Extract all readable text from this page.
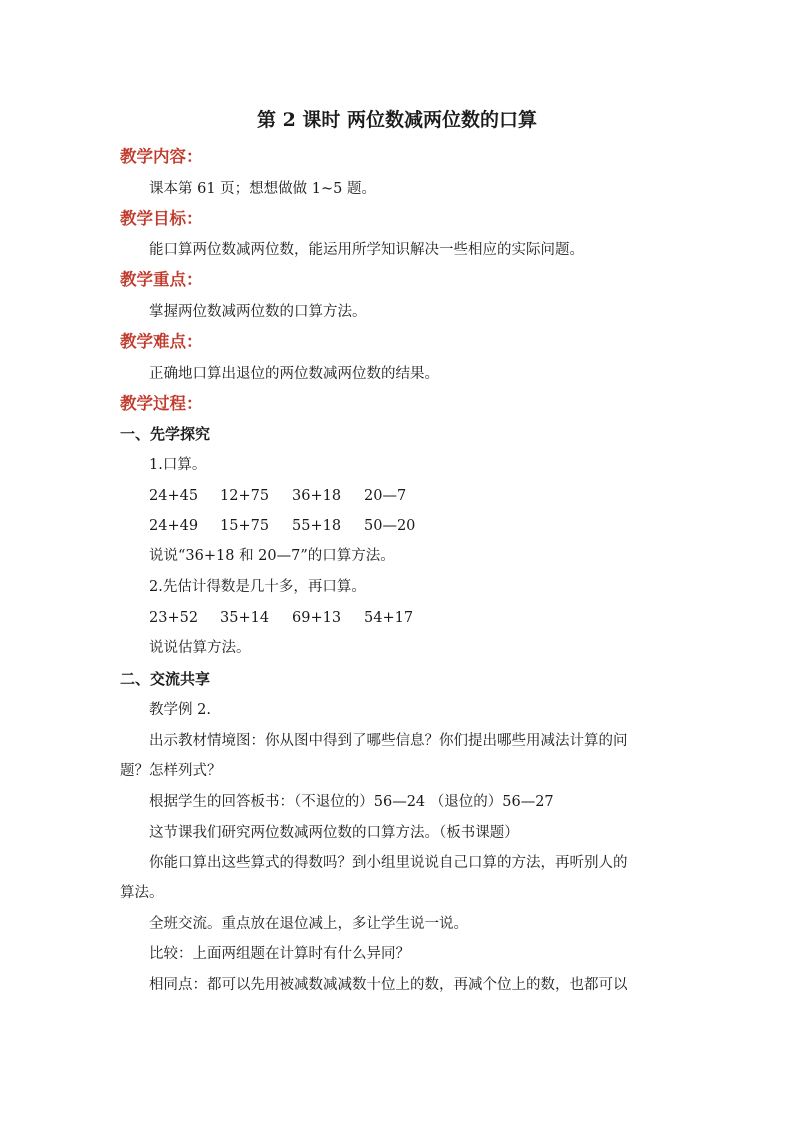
第 2 课时 两位数减两位数的口算
教学内容：
课本第 61 页；想想做做 1~5 题。
教学目标：
能口算两位数减两位数，能运用所学知识解决一些相应的实际问题。
教学重点：
掌握两位数减两位数的口算方法。
教学难点：
正确地口算出退位的两位数减两位数的结果。
教学过程：
一、先学探究
1.口算。
24+45 12+75 36+18 20—7
24+49 15+75 55+18 50—20
说说“36+18 和 20—7”的口算方法。
2.先估计得数是几十多，再口算。
23+52 35+14 69+13 54+17
说说估算方法。
二、交流共享
教学例 2.
出示教材情境图：你从图中得到了哪些信息？你们提出哪些用减法计算的问
题？怎样列式？
根据学生的回答板书：（不退位的）56—24 （退位的）56—27
这节课我们研究两位数减两位数的口算方法。（板书课题）
你能口算出这些算式的得数吗？到小组里说说自己口算的方法，再听别人的
算法。
全班交流。重点放在退位减上，多让学生说一说。
比较：上面两组题在计算时有什么异同？
相同点：都可以先用被减数减减数十位上的数，再减个位上的数，也都可以
